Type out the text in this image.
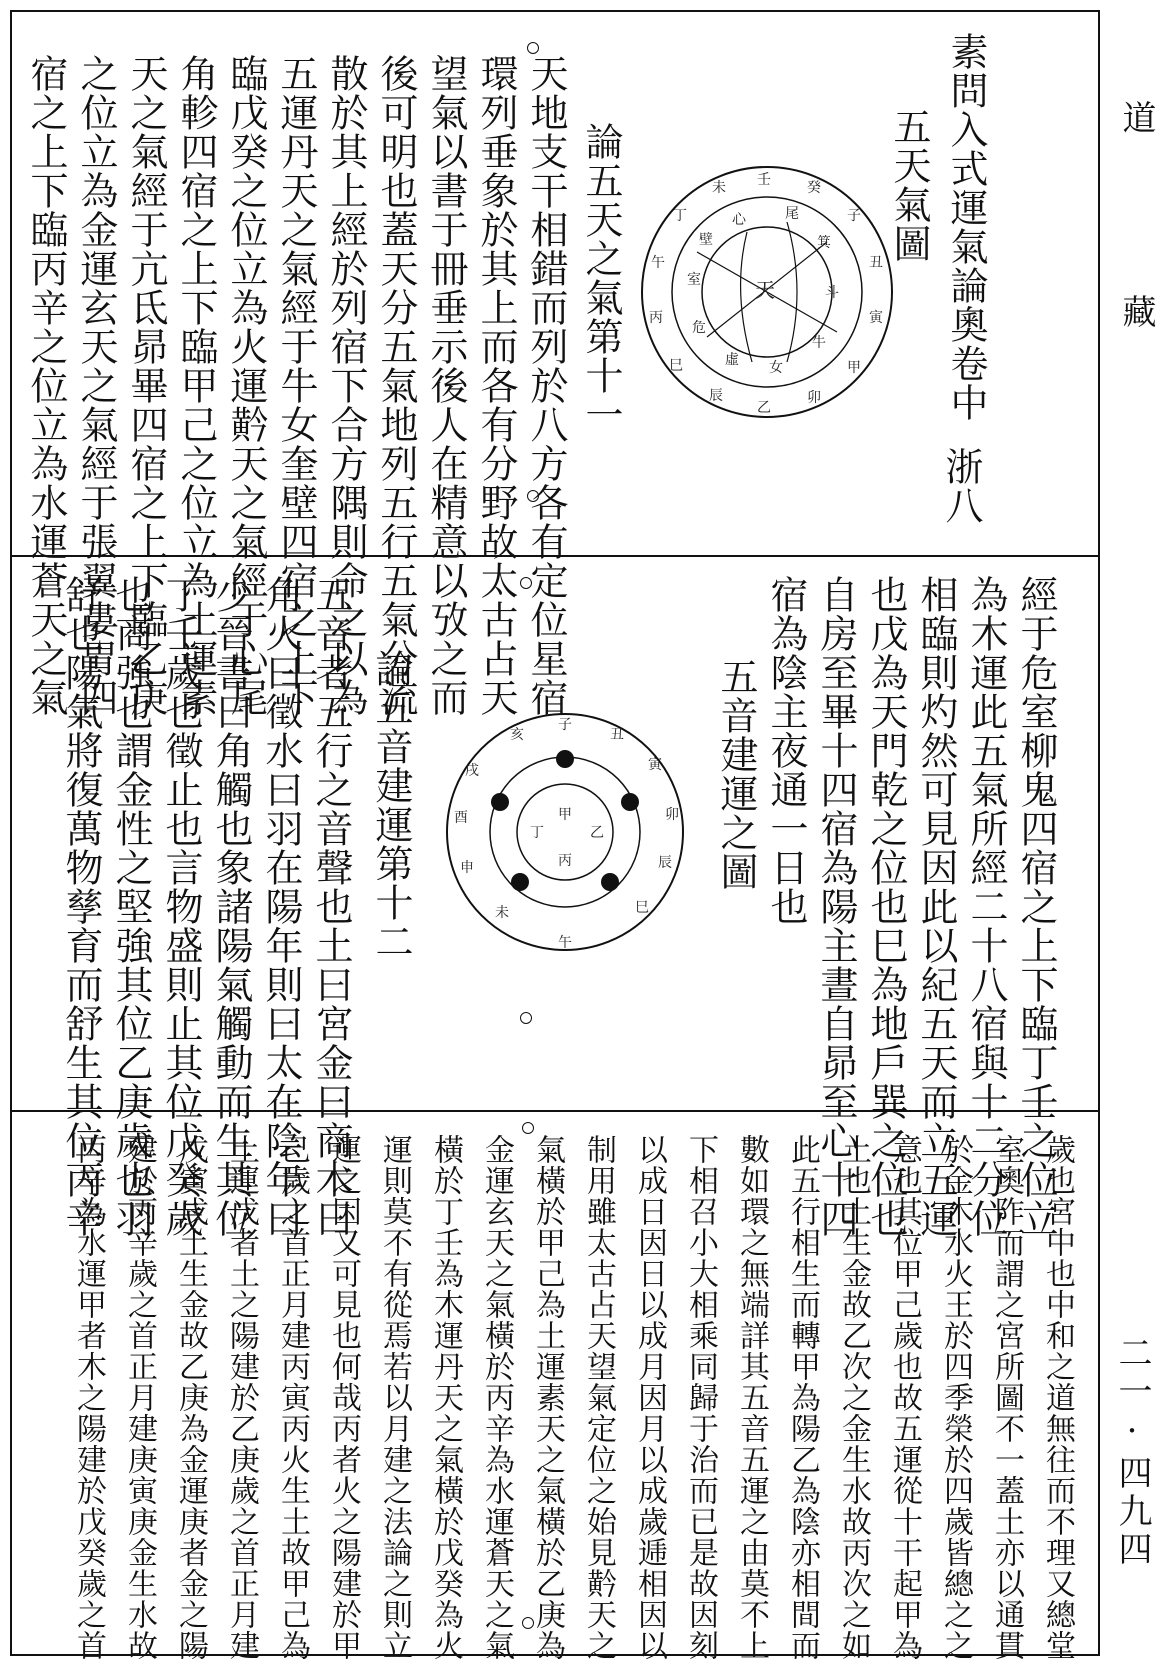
道 藏
二一·四九四
素問入式運氣論奧卷中
五天氣圖
浙八
壬	癸
子
丑
寅
甲
卯
乙
辰
巳
丙
午
丁
未
心	尾
箕
斗
牛
女
虛
危
室
壁
天
論五天之氣第十一
天地支干相錯而列於八方各有定位星宿
環列垂象於其上而各有分野故太古占天
望氣以書于冊垂示後人在精意以攷之而
後可明也蓋天分五氣地列五行五氣分流
散於其上經於列宿下合方隅則命之以為
五運丹天之氣經于牛女奎壁四宿之上下
臨戊癸之位立為火運黅天之氣經于心尾
角軫四宿之上下臨甲己之位立為土運素
天之氣經于亢氐昴畢四宿之上下臨乙庚
之位立為金運玄天之氣經于張翼婁胃四
宿之上下臨丙辛之位立為水運蒼天之氣
經于危室柳鬼四宿之上下臨丁壬之位立
為木運此五氣所經二十八宿與十二分位
相臨則灼然可見因此以紀五天而立五運
也戊為天門乾之位也巳為地戶巽之位也
自房至畢十四宿為陽主晝自昴至心十四
宿為陰主夜通一日也
五音建運之圖
子
丑
寅
卯
辰
巳
午
未
申
酉
戌
亥
甲
乙
丙
丁
論五音建運第十二
五音者五行之音聲也土曰宮金曰商木曰
角火曰徵水曰羽在陽年則曰太在陰年曰
少晉書曰角觸也象諸陽氣觸動而生其位
丁壬歲也徵止也言物盛則止其位戊癸歲
也商強也謂金性之堅強其位乙庚歲也羽
舒也陽氣將復萬物孳育而舒生其位丙辛
歲也宮中也中和之道無往而不理又總堂
室奧阼而謂之宮所圖不一蓋土亦以通貫
於金木水火王於四季榮於四歲皆總之之
意也其位甲己歲也故五運從十干起甲為
土也土生金故乙次之金生水故丙次之如
此五行相生而轉甲為陽乙為陰亦相間而
數如環之無端詳其五音五運之由莫不上
下相召小大相乘同歸于治而已是故因刻
以成日因日以成月因月以成歲逓相因以
制用雖太古占天望氣定位之始見黅天之
氣橫於甲己為土運素天之氣橫於乙庚為
金運玄天之氣橫於丙辛為水運蒼天之氣
橫於丁壬為木運丹天之氣橫於戊癸為火
運則莫不有從焉若以月建之法論之則立
運之因又可見也何哉丙者火之陽建於甲
己歲之首正月建丙寅丙火生土故甲己為
土運戊者土之陽建於乙庚歲之首正月建
戊寅戊土生金故乙庚為金運庚者金之陽
建於丙辛歲之首正月建庚寅庚金生水故
丙辛為水運甲者木之陽建於戊癸歲之首
